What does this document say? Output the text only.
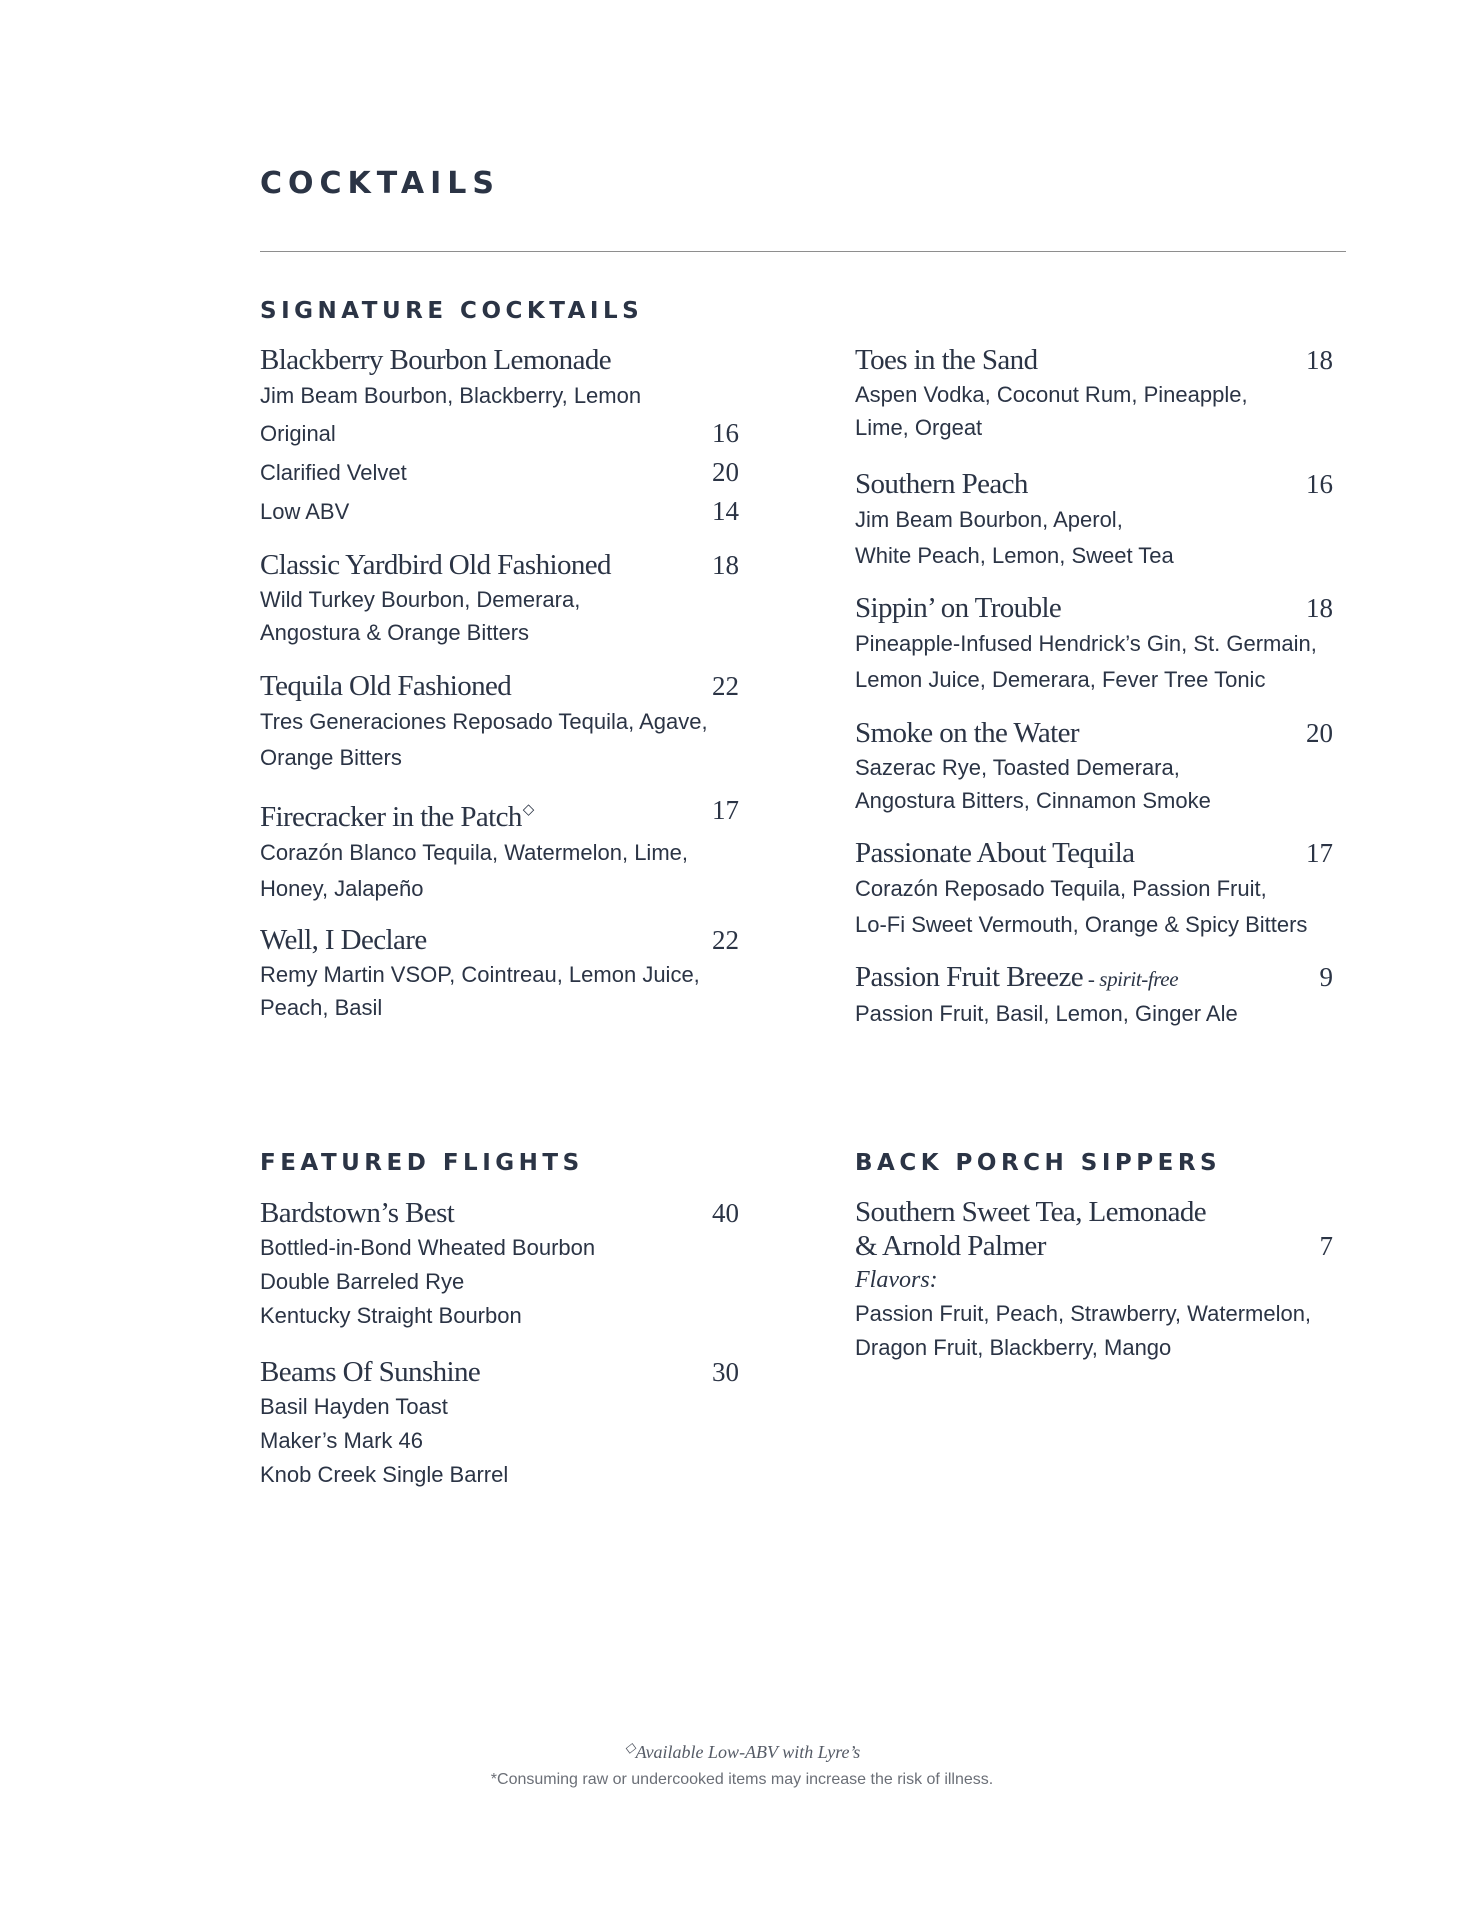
COCKTAILS
SIGNATURE COCKTAILS
Blackberry Bourbon Lemonade
Jim Beam Bourbon, Blackberry, Lemon
Original	16
Clarified Velvet	20
Low ABV	14
Classic Yardbird Old Fashioned	18
Wild Turkey Bourbon, Demerara,
Angostura & Orange Bitters
Tequila Old Fashioned	22
Tres Generaciones Reposado Tequila, Agave,
Orange Bitters
Firecracker in the Patch◇	17
Corazón Blanco Tequila, Watermelon, Lime,
Honey, Jalapeño
Well, I Declare	22
Remy Martin VSOP, Cointreau, Lemon Juice,
Peach, Basil
Toes in the Sand	18
Aspen Vodka, Coconut Rum, Pineapple,
Lime, Orgeat
Southern Peach	16
Jim Beam Bourbon, Aperol,
White Peach, Lemon, Sweet Tea
Sippin’ on Trouble	18
Pineapple-Infused Hendrick’s Gin, St. Germain,
Lemon Juice, Demerara, Fever Tree Tonic
Smoke on the Water	20
Sazerac Rye, Toasted Demerara,
Angostura Bitters, Cinnamon Smoke
Passionate About Tequila	17
Corazón Reposado Tequila, Passion Fruit,
Lo-Fi Sweet Vermouth, Orange & Spicy Bitters
Passion Fruit Breeze - spirit-free	9
Passion Fruit, Basil, Lemon, Ginger Ale
FEATURED FLIGHTS
Bardstown’s Best	40
Bottled-in-Bond Wheated Bourbon
Double Barreled Rye
Kentucky Straight Bourbon
Beams Of Sunshine	30
Basil Hayden Toast
Maker’s Mark 46
Knob Creek Single Barrel
BACK PORCH SIPPERS
Southern Sweet Tea, Lemonade
& Arnold Palmer	7
Flavors:
Passion Fruit, Peach, Strawberry, Watermelon,
Dragon Fruit, Blackberry, Mango
◇Available Low-ABV with Lyre’s
*Consuming raw or undercooked items may increase the risk of illness.
